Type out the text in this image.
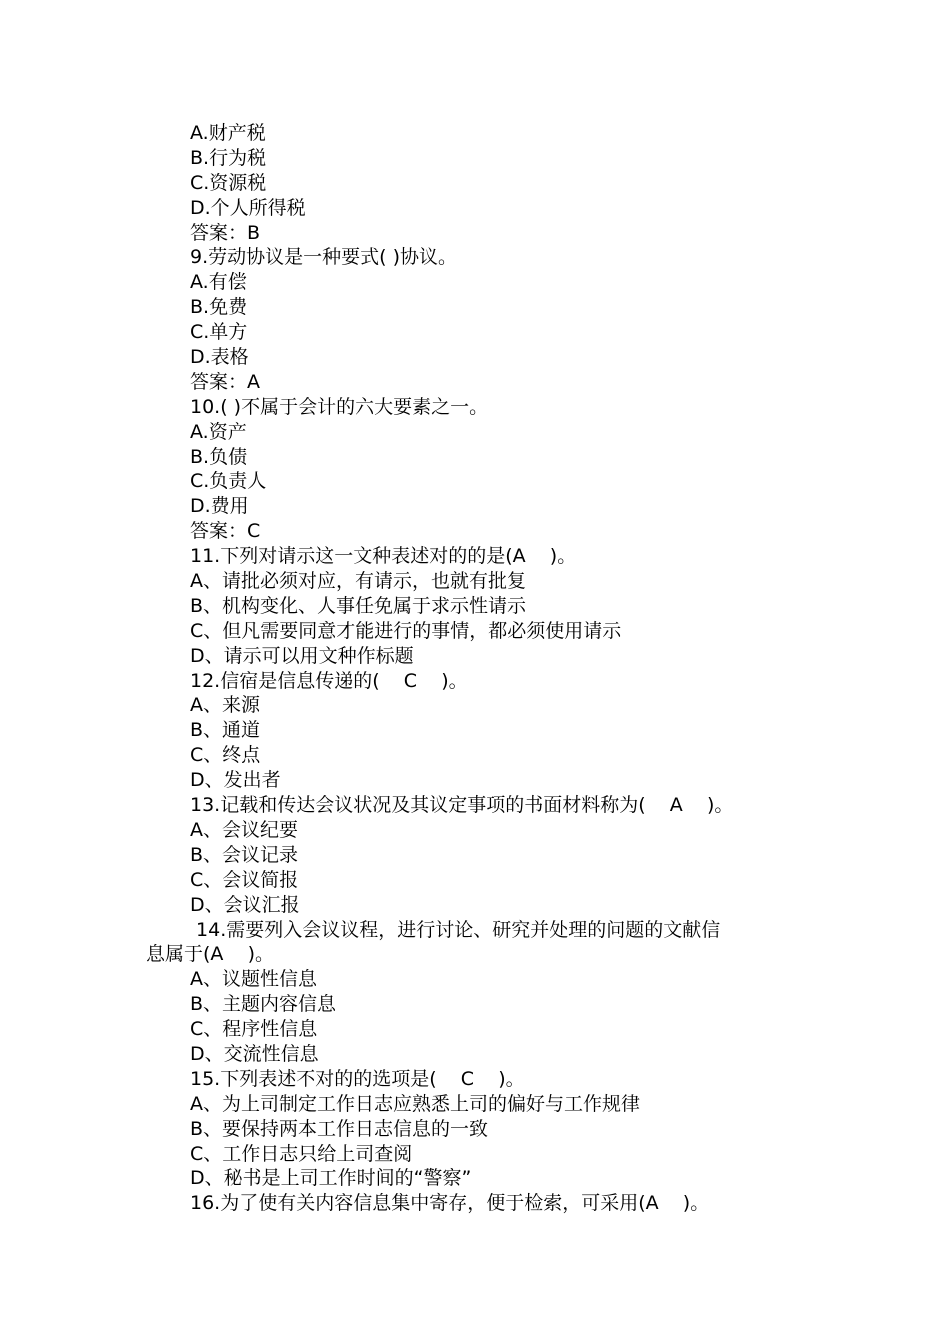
A.财产税
B.行为税
C.资源税
D.个人所得税
答案：B
9.劳动协议是一种要式( )协议。
A.有偿
B.免费
C.单方
D.表格
答案：A
10.( )不属于会计的六大要素之一。
A.资产
B.负债
C.负责人
D.费用
答案：C
11.下列对请示这一文种表述对的的是(A    )。
A、请批必须对应，有请示，也就有批复
B、机构变化、人事任免属于求示性请示
C、但凡需要同意才能进行的事情，都必须使用请示
D、请示可以用文种作标题
12.信宿是信息传递的(    C    )。
A、来源
B、通道
C、终点
D、发出者
13.记载和传达会议状况及其议定事项的书面材料称为(    A    )。
A、会议纪要
B、会议记录
C、会议简报
D、会议汇报
14.需要列入会议议程，进行讨论、研究并处理的问题的文献信
息属于(A    )。
A、议题性信息
B、主题内容信息
C、程序性信息
D、交流性信息
15.下列表述不对的的选项是(    C    )。
A、为上司制定工作日志应熟悉上司的偏好与工作规律
B、要保持两本工作日志信息的一致
C、工作日志只给上司查阅
D、秘书是上司工作时间的“警察”
16.为了使有关内容信息集中寄存，便于检索，可采用(A    )。
